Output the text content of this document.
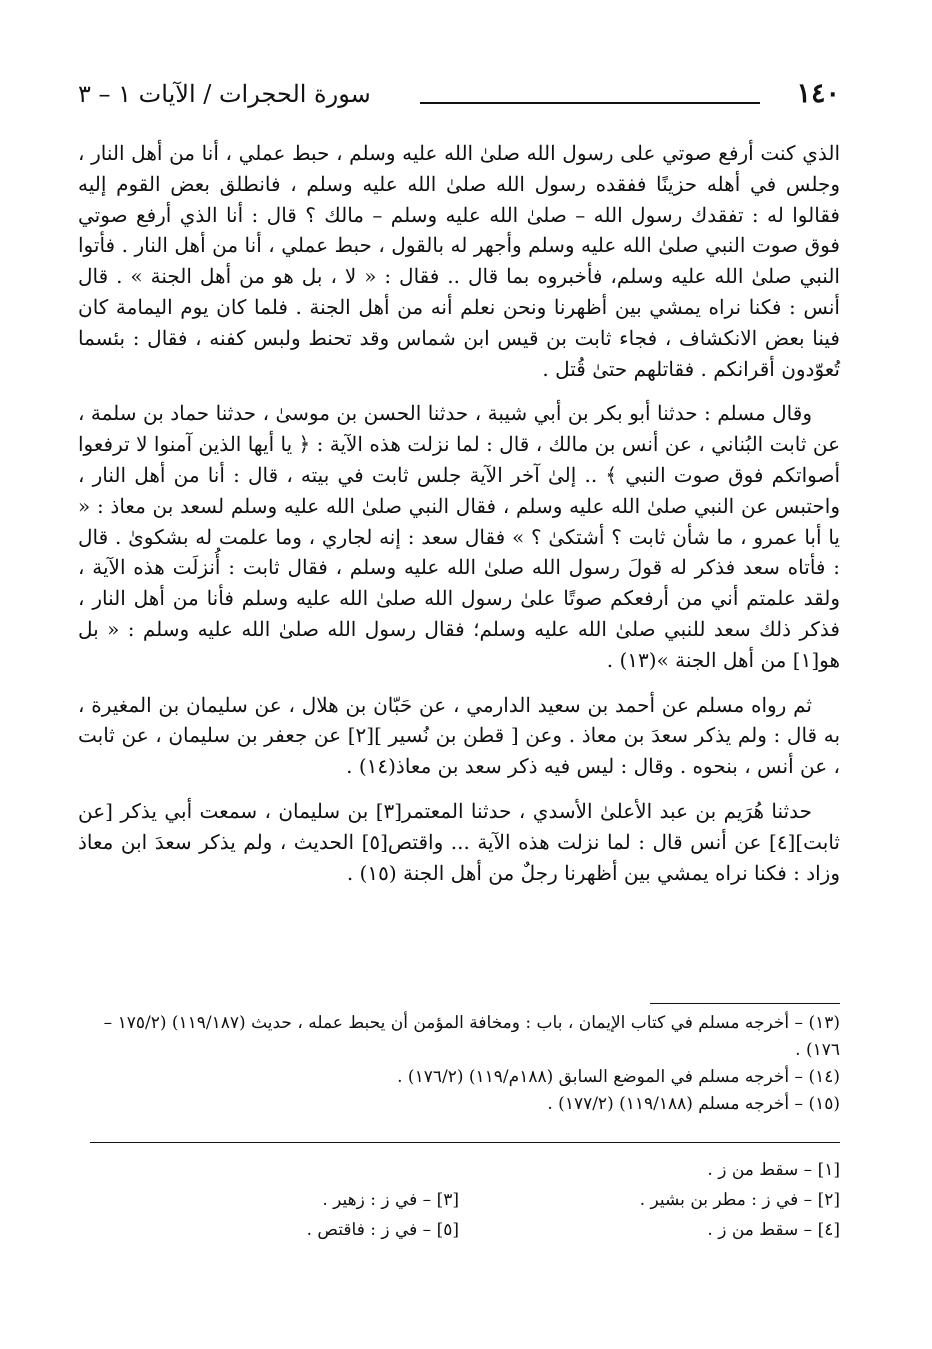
١٤٠
سورة الحجرات / الآيات ١ – ٣

الذي كنت أرفع صوتي على رسول الله صلىٰ الله عليه وسلم ، حبط عملي ، أنا من أهل النار ، وجلس في أهله حزينًا ففقده رسول الله صلىٰ الله عليه وسلم ، فانطلق بعض القوم إليه فقالوا له : تفقدك رسول الله – صلىٰ الله عليه وسلم – مالك ؟ قال : أنا الذي أرفع صوتي فوق صوت النبي صلىٰ الله عليه وسلم وأجهر له بالقول ، حبط عملي ، أنا من أهل النار . فأتوا النبي صلىٰ الله عليه وسلم، فأخبروه بما قال .. فقال : « لا ، بل هو من أهل الجنة » . قال أنس : فكنا نراه يمشي بين أظهرنا ونحن نعلم أنه من أهل الجنة . فلما كان يوم اليمامة كان فينا بعض الانكشاف ، فجاء ثابت بن قيس ابن شماس وقد تحنط ولبس كفنه ، فقال : بئسما تُعوّدون أقرانكم . فقاتلهم حتىٰ قُتل .

وقال مسلم : حدثنا أبو بكر بن أبي شيبة ، حدثنا الحسن بن موسىٰ ، حدثنا حماد بن سلمة ، عن ثابت البُناني ، عن أنس بن مالك ، قال : لما نزلت هذه الآية : ﴿ يا أيها الذين آمنوا لا ترفعوا أصواتكم فوق صوت النبي ﴾ .. إلىٰ آخر الآية جلس ثابت في بيته ، قال : أنا من أهل النار ، واحتبس عن النبي صلىٰ الله عليه وسلم ، فقال النبي صلىٰ الله عليه وسلم لسعد بن معاذ : « يا أبا عمرو ، ما شأن ثابت ؟ أشتكىٰ ؟ » فقال سعد : إنه لجاري ، وما علمت له بشكوىٰ . قال : فأتاه سعد فذكر له قولَ رسول الله صلىٰ الله عليه وسلم ، فقال ثابت : أُنزلَت هذه الآية ، ولقد علمتم أني من أرفعكم صوتًا علىٰ رسول الله صلىٰ الله عليه وسلم فأنا من أهل النار ، فذكر ذلك سعد للنبي صلىٰ الله عليه وسلم؛ فقال رسول الله صلىٰ الله عليه وسلم : « بل هو[١] من أهل الجنة »(١٣) .

ثم رواه مسلم عن أحمد بن سعيد الدارمي ، عن حَبّان بن هلال ، عن سليمان بن المغيرة ، به قال : ولم يذكر سعدَ بن معاذ . وعن [ قطن بن نُسير ][٢] عن جعفر بن سليمان ، عن ثابت ، عن أنس ، بنحوه . وقال : ليس فيه ذكر سعد بن معاذ(١٤) .

حدثنا هُرَيم بن عبد الأعلىٰ الأسدي ، حدثنا المعتمر[٣] بن سليمان ، سمعت أبي يذكر [عن ثابت][٤] عن أنس قال : لما نزلت هذه الآية ... واقتص[٥] الحديث ، ولم يذكر سعدَ ابن معاذ وزاد : فكنا نراه يمشي بين أظهرنا رجلٌ من أهل الجنة (١٥) .

(١٣) – أخرجه مسلم في كتاب الإيمان ، باب : ومخافة المؤمن أن يحبط عمله ، حديث (١١٩/١٨٧) (١٧٥/٢ – ١٧٦) .

(١٤) – أخرجه مسلم في الموضع السابق (١٨٨م/١١٩) (١٧٦/٢) .

(١٥) – أخرجه مسلم (١١٩/١٨٨) (١٧٧/٢) .

[١] – سقط من ز .
[٢] – في ز : مطر بن بشير .
[٣] – في ز : زهير .
[٤] – سقط من ز .
[٥] – في ز : فاقتص .
